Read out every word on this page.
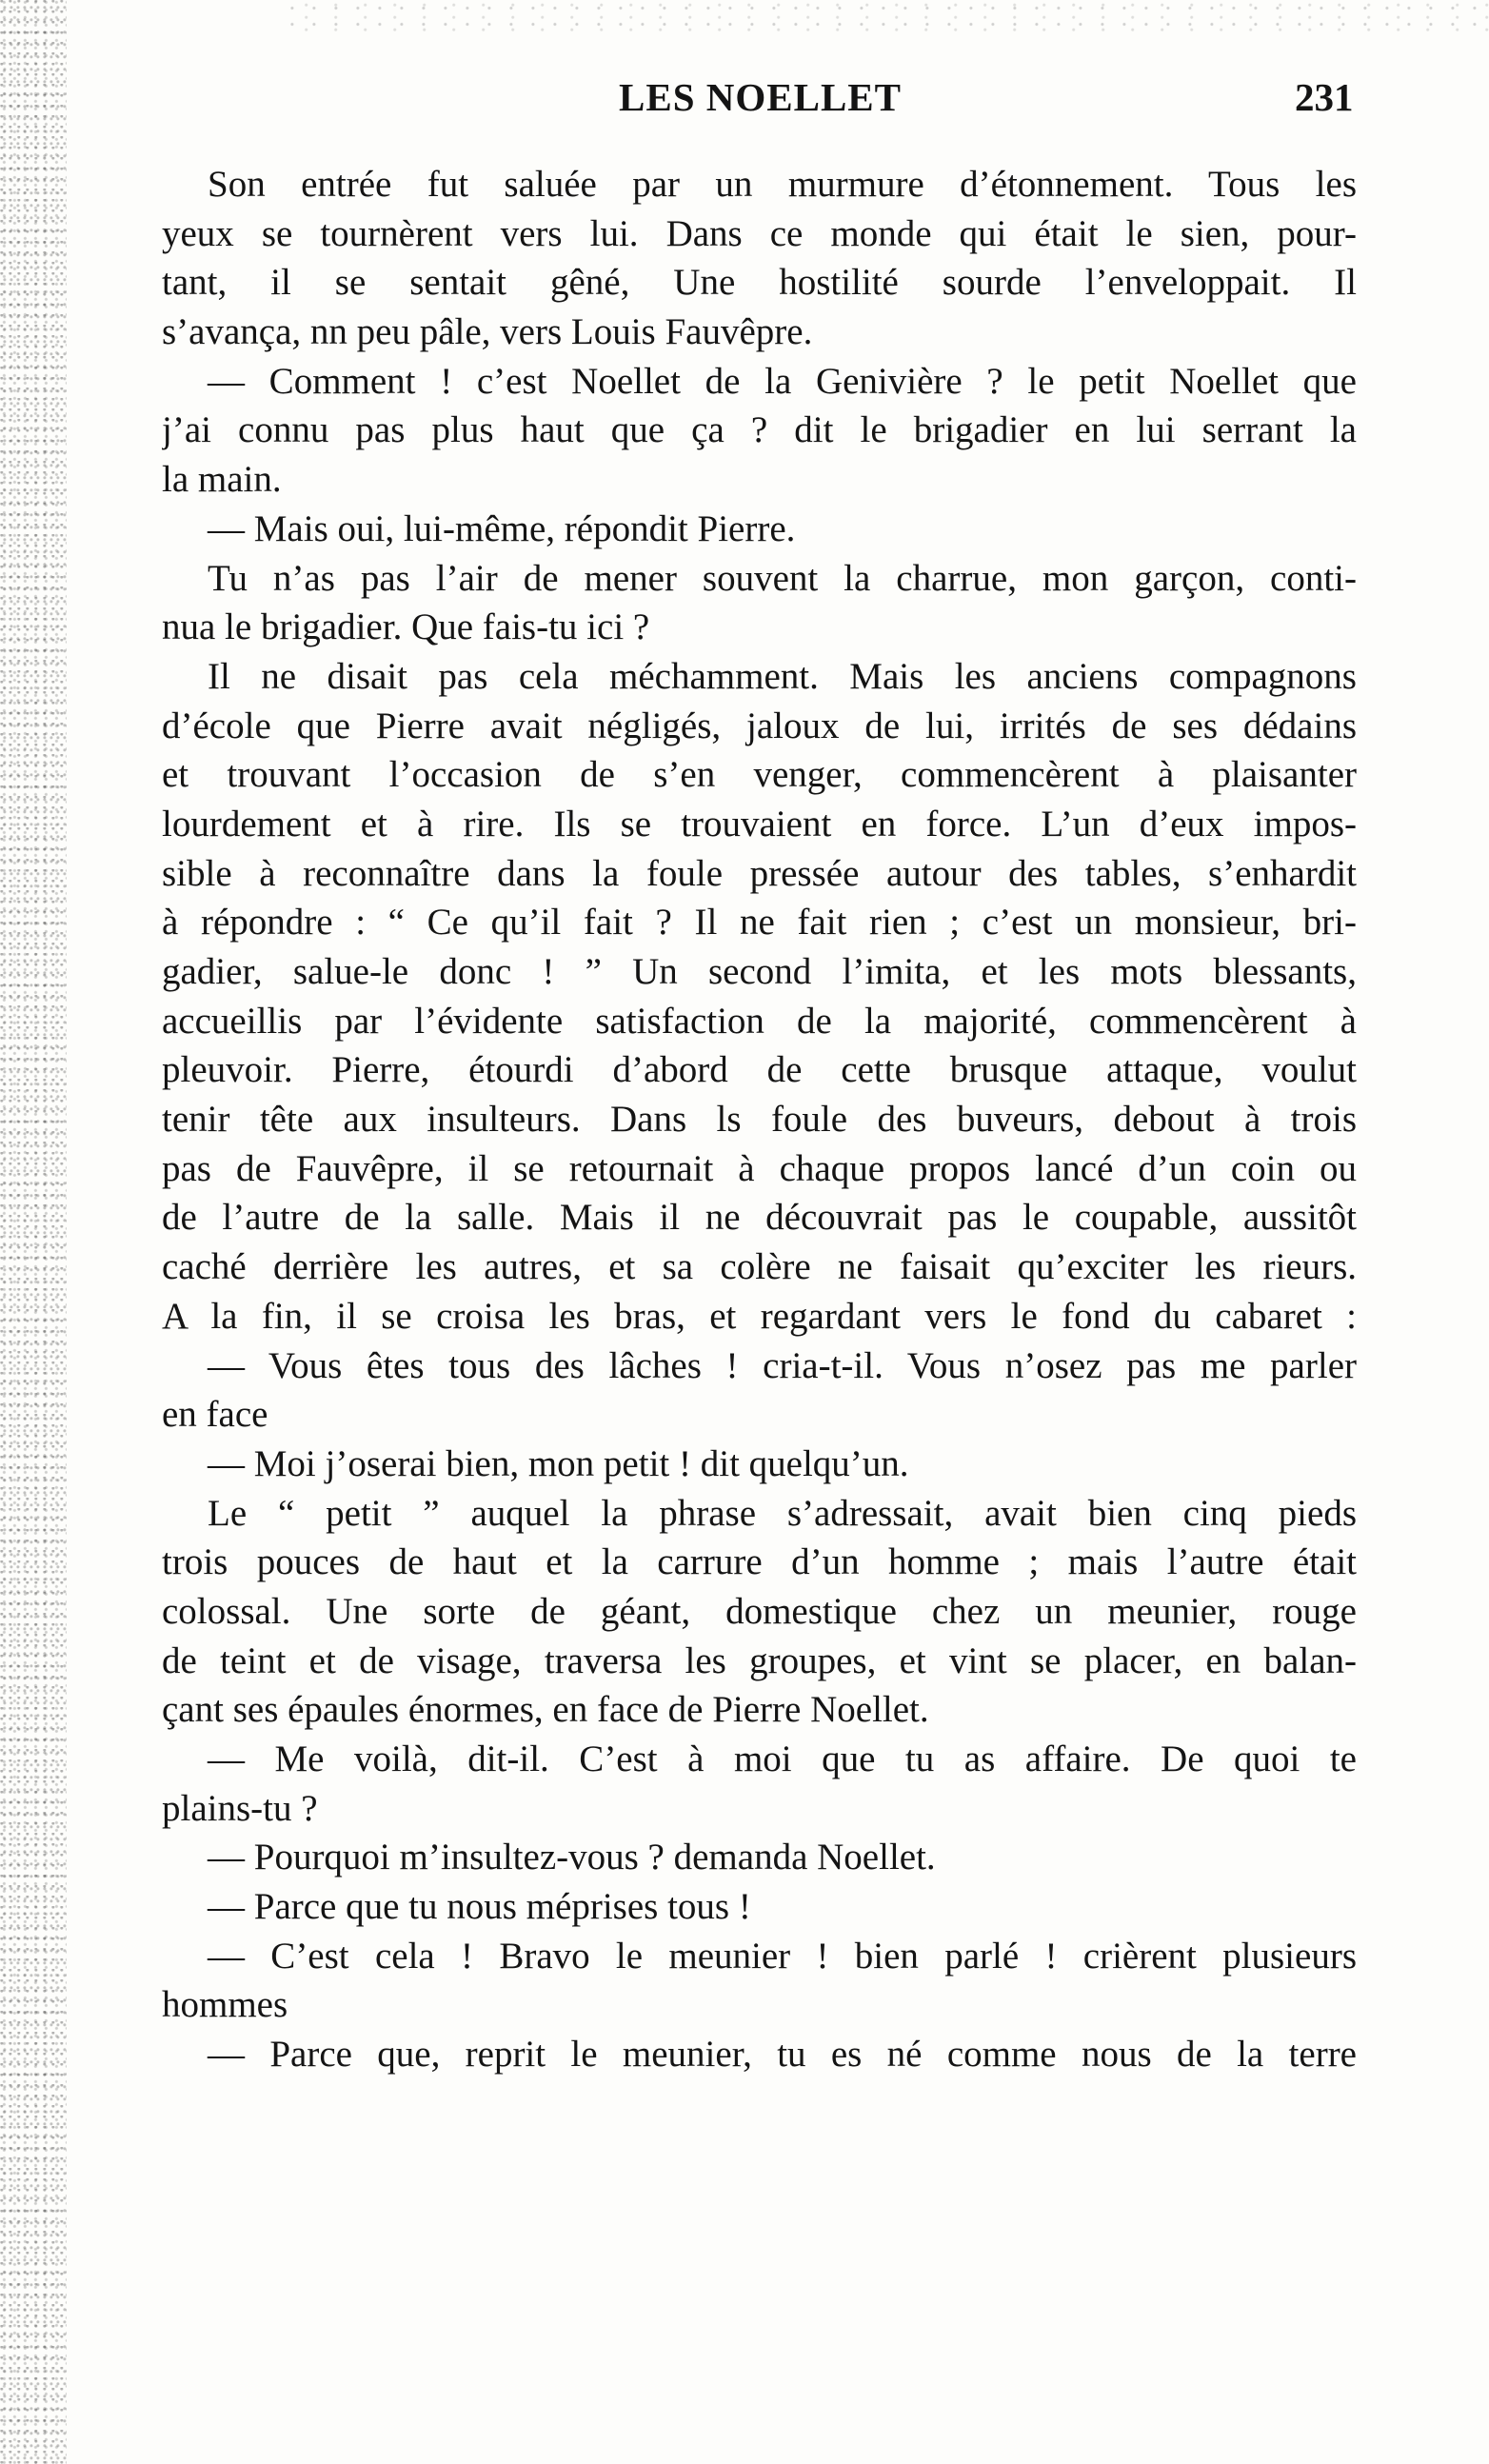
LES NOELLET	231
Son entrée fut saluée par un murmure d’étonnement. Tous les
yeux se tournèrent vers lui. Dans ce monde qui était le sien, pour-
tant, il se sentait gêné, Une hostilité sourde l’enveloppait. Il
s’avança, nn peu pâle, vers Louis Fauvêpre.
— Comment ! c’est Noellet de la Genivière ? le petit Noellet que
j’ai connu pas plus haut que ça ? dit le brigadier en lui serrant la
la main.
— Mais oui, lui-même, répondit Pierre.
Tu n’as pas l’air de mener souvent la charrue, mon garçon, conti-
nua le brigadier. Que fais-tu ici ?
Il ne disait pas cela méchamment. Mais les anciens compagnons
d’école que Pierre avait négligés, jaloux de lui, irrités de ses dédains
et trouvant l’occasion de s’en venger, commencèrent à plaisanter
lourdement et à rire. Ils se trouvaient en force. L’un d’eux impos-
sible à reconnaître dans la foule pressée autour des tables, s’enhardit
à répondre : “ Ce qu’il fait ? Il ne fait rien ; c’est un monsieur, bri-
gadier, salue-le donc ! ” Un second l’imita, et les mots blessants,
accueillis par l’évidente satisfaction de la majorité, commencèrent à
pleuvoir. Pierre, étourdi d’abord de cette brusque attaque, voulut
tenir tête aux insulteurs. Dans ls foule des buveurs, debout à trois
pas de Fauvêpre, il se retournait à chaque propos lancé d’un coin ou
de l’autre de la salle. Mais il ne découvrait pas le coupable, aussitôt
caché derrière les autres, et sa colère ne faisait qu’exciter les rieurs.
A la fin, il se croisa les bras, et regardant vers le fond du cabaret :
— Vous êtes tous des lâches ! cria-t-il. Vous n’osez pas me parler
en face
— Moi j’oserai bien, mon petit ! dit quelqu’un.
Le “ petit ” auquel la phrase s’adressait, avait bien cinq pieds
trois pouces de haut et la carrure d’un homme ; mais l’autre était
colossal. Une sorte de géant, domestique chez un meunier, rouge
de teint et de visage, traversa les groupes, et vint se placer, en balan-
çant ses épaules énormes, en face de Pierre Noellet.
— Me voilà, dit-il. C’est à moi que tu as affaire. De quoi te
plains-tu ?
— Pourquoi m’insultez-vous ? demanda Noellet.
— Parce que tu nous méprises tous !
— C’est cela ! Bravo le meunier ! bien parlé ! crièrent plusieurs
hommes
— Parce que, reprit le meunier, tu es né comme nous de la terre
